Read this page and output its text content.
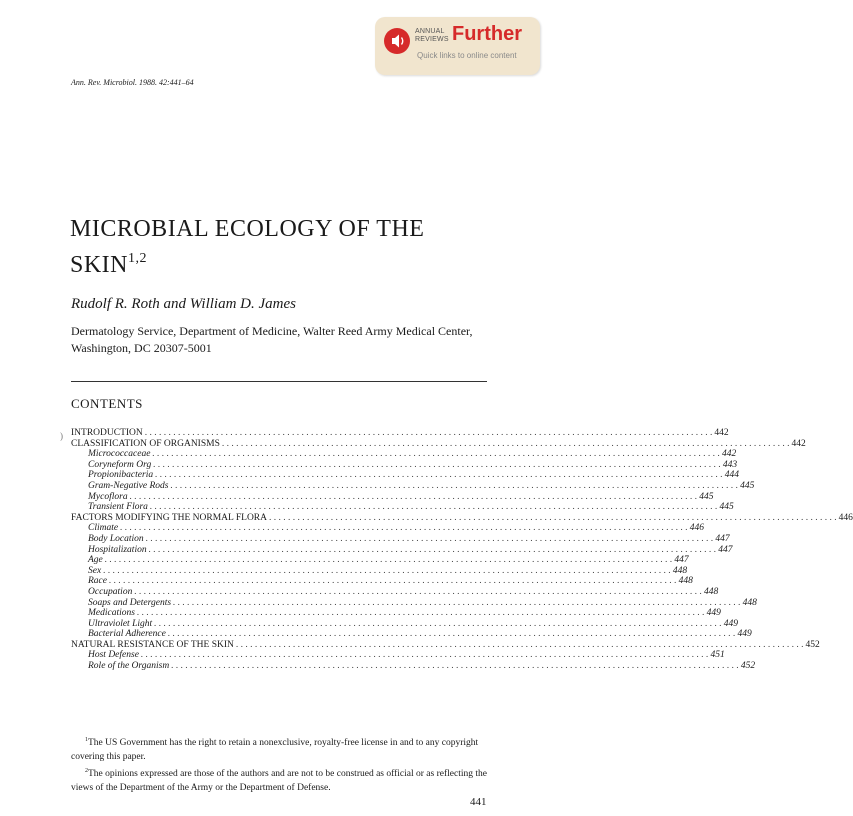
ANNUAL
REVIEWS Further
Quick links to online content
Ann. Rev. Microbiol. 1988. 42:441–64
MICROBIAL ECOLOGY OF THE
SKIN$^{1,2}$
Rudolf R. Roth and William D. James
Dermatology Service, Department of Medicine, Walter Reed Army Medical Center, Washington, DC 20307-5001
CONTENTS
) INTRODUCTION . . . . . . . . . . . . . . . . . . . . . . . . . . . . . . . . . . . . . . . . . . . . . . . . . . . . . . . . . . . . . . . . . . . . . . . . . . . . . . . . . . . . . . . . . . . . . . . . . . . . . . . . . . . . . . . . . . . . . . . . 442
CLASSIFICATION OF ORGANISMS . . . . . . . . . . . . . . . . . . . . . . . . . . . . . . . . . . . . . . . . . . . . . . . . . . . . . . . . . . . . . . . . . . . . . . . . . . . . . . . . . . . . . . . . . . . . . . . . . . . . . . . . . . . . . . . . . . . . . . . . 442
Micrococcaceae . . . . . . . . . . . . . . . . . . . . . . . . . . . . . . . . . . . . . . . . . . . . . . . . . . . . . . . . . . . . . . . . . . . . . . . . . . . . . . . . . . . . . . . . . . . . . . . . . . . . . . . . . . . . . . . . . . . . . . . . 442
Coryneform Org . . . . . . . . . . . . . . . . . . . . . . . . . . . . . . . . . . . . . . . . . . . . . . . . . . . . . . . . . . . . . . . . . . . . . . . . . . . . . . . . . . . . . . . . . . . . . . . . . . . . . . . . . . . . . . . . . . . . . . . . 443
Propionibacteria . . . . . . . . . . . . . . . . . . . . . . . . . . . . . . . . . . . . . . . . . . . . . . . . . . . . . . . . . . . . . . . . . . . . . . . . . . . . . . . . . . . . . . . . . . . . . . . . . . . . . . . . . . . . . . . . . . . . . . . . 444
Gram-Negative Rods . . . . . . . . . . . . . . . . . . . . . . . . . . . . . . . . . . . . . . . . . . . . . . . . . . . . . . . . . . . . . . . . . . . . . . . . . . . . . . . . . . . . . . . . . . . . . . . . . . . . . . . . . . . . . . . . . . . . . . . . 445
Mycoflora . . . . . . . . . . . . . . . . . . . . . . . . . . . . . . . . . . . . . . . . . . . . . . . . . . . . . . . . . . . . . . . . . . . . . . . . . . . . . . . . . . . . . . . . . . . . . . . . . . . . . . . . . . . . . . . . . . . . . . . . 445
Transient Flora . . . . . . . . . . . . . . . . . . . . . . . . . . . . . . . . . . . . . . . . . . . . . . . . . . . . . . . . . . . . . . . . . . . . . . . . . . . . . . . . . . . . . . . . . . . . . . . . . . . . . . . . . . . . . . . . . . . . . . . . 445
FACTORS MODIFYING THE NORMAL FLORA . . . . . . . . . . . . . . . . . . . . . . . . . . . . . . . . . . . . . . . . . . . . . . . . . . . . . . . . . . . . . . . . . . . . . . . . . . . . . . . . . . . . . . . . . . . . . . . . . . . . . . . . . . . . . . . . . . . . . . . . 446
Climate . . . . . . . . . . . . . . . . . . . . . . . . . . . . . . . . . . . . . . . . . . . . . . . . . . . . . . . . . . . . . . . . . . . . . . . . . . . . . . . . . . . . . . . . . . . . . . . . . . . . . . . . . . . . . . . . . . . . . . . . 446
Body Location . . . . . . . . . . . . . . . . . . . . . . . . . . . . . . . . . . . . . . . . . . . . . . . . . . . . . . . . . . . . . . . . . . . . . . . . . . . . . . . . . . . . . . . . . . . . . . . . . . . . . . . . . . . . . . . . . . . . . . . . 447
Hospitalization . . . . . . . . . . . . . . . . . . . . . . . . . . . . . . . . . . . . . . . . . . . . . . . . . . . . . . . . . . . . . . . . . . . . . . . . . . . . . . . . . . . . . . . . . . . . . . . . . . . . . . . . . . . . . . . . . . . . . . . . 447
Age . . . . . . . . . . . . . . . . . . . . . . . . . . . . . . . . . . . . . . . . . . . . . . . . . . . . . . . . . . . . . . . . . . . . . . . . . . . . . . . . . . . . . . . . . . . . . . . . . . . . . . . . . . . . . . . . . . . . . . . . 447
Sex . . . . . . . . . . . . . . . . . . . . . . . . . . . . . . . . . . . . . . . . . . . . . . . . . . . . . . . . . . . . . . . . . . . . . . . . . . . . . . . . . . . . . . . . . . . . . . . . . . . . . . . . . . . . . . . . . . . . . . . . 448
Race . . . . . . . . . . . . . . . . . . . . . . . . . . . . . . . . . . . . . . . . . . . . . . . . . . . . . . . . . . . . . . . . . . . . . . . . . . . . . . . . . . . . . . . . . . . . . . . . . . . . . . . . . . . . . . . . . . . . . . . . 448
Occupation . . . . . . . . . . . . . . . . . . . . . . . . . . . . . . . . . . . . . . . . . . . . . . . . . . . . . . . . . . . . . . . . . . . . . . . . . . . . . . . . . . . . . . . . . . . . . . . . . . . . . . . . . . . . . . . . . . . . . . . . 448
Soaps and Detergents . . . . . . . . . . . . . . . . . . . . . . . . . . . . . . . . . . . . . . . . . . . . . . . . . . . . . . . . . . . . . . . . . . . . . . . . . . . . . . . . . . . . . . . . . . . . . . . . . . . . . . . . . . . . . . . . . . . . . . . . 448
Medications . . . . . . . . . . . . . . . . . . . . . . . . . . . . . . . . . . . . . . . . . . . . . . . . . . . . . . . . . . . . . . . . . . . . . . . . . . . . . . . . . . . . . . . . . . . . . . . . . . . . . . . . . . . . . . . . . . . . . . . . 449
Ultraviolet Light . . . . . . . . . . . . . . . . . . . . . . . . . . . . . . . . . . . . . . . . . . . . . . . . . . . . . . . . . . . . . . . . . . . . . . . . . . . . . . . . . . . . . . . . . . . . . . . . . . . . . . . . . . . . . . . . . . . . . . . . 449
Bacterial Adherence . . . . . . . . . . . . . . . . . . . . . . . . . . . . . . . . . . . . . . . . . . . . . . . . . . . . . . . . . . . . . . . . . . . . . . . . . . . . . . . . . . . . . . . . . . . . . . . . . . . . . . . . . . . . . . . . . . . . . . . . 449
NATURAL RESISTANCE OF THE SKIN . . . . . . . . . . . . . . . . . . . . . . . . . . . . . . . . . . . . . . . . . . . . . . . . . . . . . . . . . . . . . . . . . . . . . . . . . . . . . . . . . . . . . . . . . . . . . . . . . . . . . . . . . . . . . . . . . . . . . . . . 452
Host Defense . . . . . . . . . . . . . . . . . . . . . . . . . . . . . . . . . . . . . . . . . . . . . . . . . . . . . . . . . . . . . . . . . . . . . . . . . . . . . . . . . . . . . . . . . . . . . . . . . . . . . . . . . . . . . . . . . . . . . . . . 451
Role of the Organism . . . . . . . . . . . . . . . . . . . . . . . . . . . . . . . . . . . . . . . . . . . . . . . . . . . . . . . . . . . . . . . . . . . . . . . . . . . . . . . . . . . . . . . . . . . . . . . . . . . . . . . . . . . . . . . . . . . . . . . . 452

$^1$The US Government has the right to retain a nonexclusive, royalty-free license in and to any copyright covering this paper.

$^2$The opinions expressed are those of the authors and are not to be construed as official or as reflecting the views of the Department of the Army or the Department of Defense.

441
